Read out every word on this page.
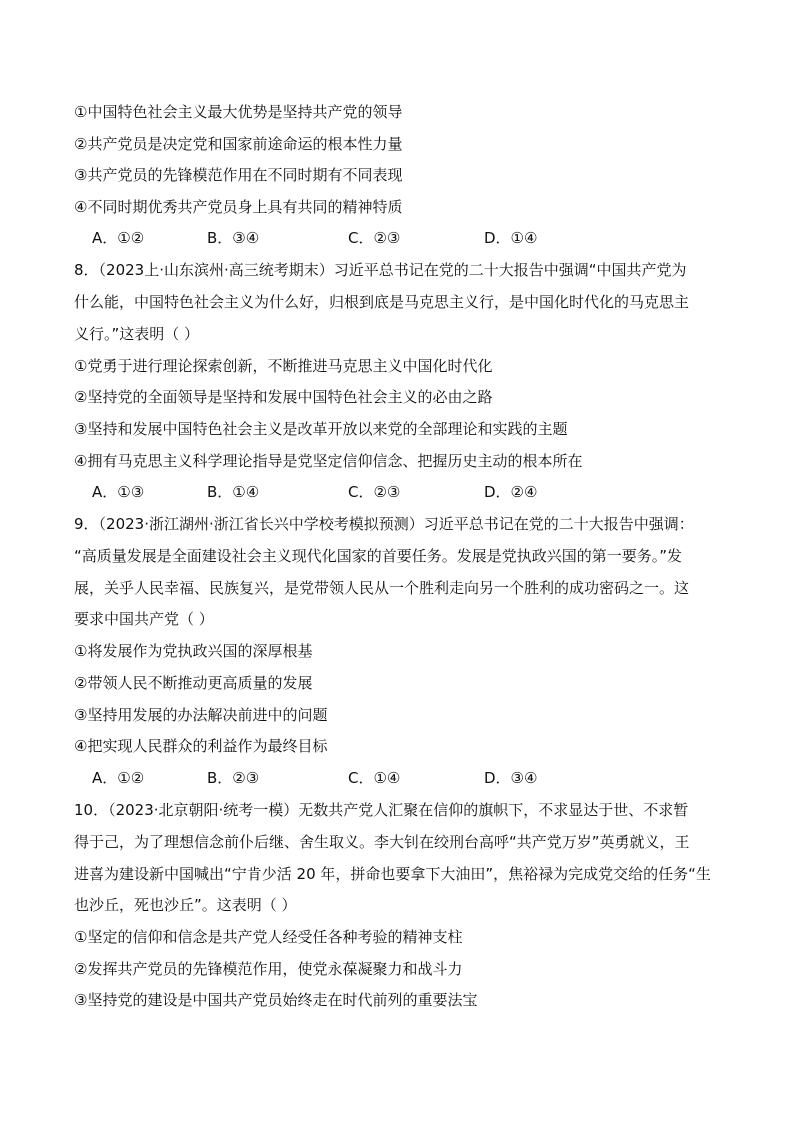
①中国特色社会主义最大优势是坚持共产党的领导
②共产党员是决定党和国家前途命运的根本性力量
③共产党员的先锋模范作用在不同时期有不同表现
④不同时期优秀共产党员身上具有共同的精神特质
A．①②	B．③④	C．②③	D．①④
8．（2023上·山东滨州·高三统考期末）习近平总书记在党的二十大报告中强调“中国共产党为
什么能，中国特色社会主义为什么好，归根到底是马克思主义行，是中国化时代化的马克思主
义行。”这表明（ ）
①党勇于进行理论探索创新，不断推进马克思主义中国化时代化
②坚持党的全面领导是坚持和发展中国特色社会主义的必由之路
③坚持和发展中国特色社会主义是改革开放以来党的全部理论和实践的主题
④拥有马克思主义科学理论指导是党坚定信仰信念、把握历史主动的根本所在
A．①③	B．①④	C．②③	D．②④
9．（2023·浙江湖州·浙江省长兴中学校考模拟预测）习近平总书记在党的二十大报告中强调：
“高质量发展是全面建设社会主义现代化国家的首要任务。发展是党执政兴国的第一要务。”发
展，关乎人民幸福、民族复兴，是党带领人民从一个胜利走向另一个胜利的成功密码之一。这
要求中国共产党（ ）
①将发展作为党执政兴国的深厚根基
②带领人民不断推动更高质量的发展
③坚持用发展的办法解决前进中的问题
④把实现人民群众的利益作为最终目标
A．①②	B．②③	C．①④	D．③④
10．（2023·北京朝阳·统考一模）无数共产党人汇聚在信仰的旗帜下，不求显达于世、不求暂
得于己，为了理想信念前仆后继、舍生取义。李大钊在绞刑台高呼“共产党万岁”英勇就义，王
进喜为建设新中国喊出“宁肯少活 20 年，拼命也要拿下大油田”，焦裕禄为完成党交给的任务“生
也沙丘，死也沙丘”。这表明（ ）
①坚定的信仰和信念是共产党人经受任各种考验的精神支柱
②发挥共产党员的先锋模范作用，使党永葆凝聚力和战斗力
③坚持党的建设是中国共产党员始终走在时代前列的重要法宝
